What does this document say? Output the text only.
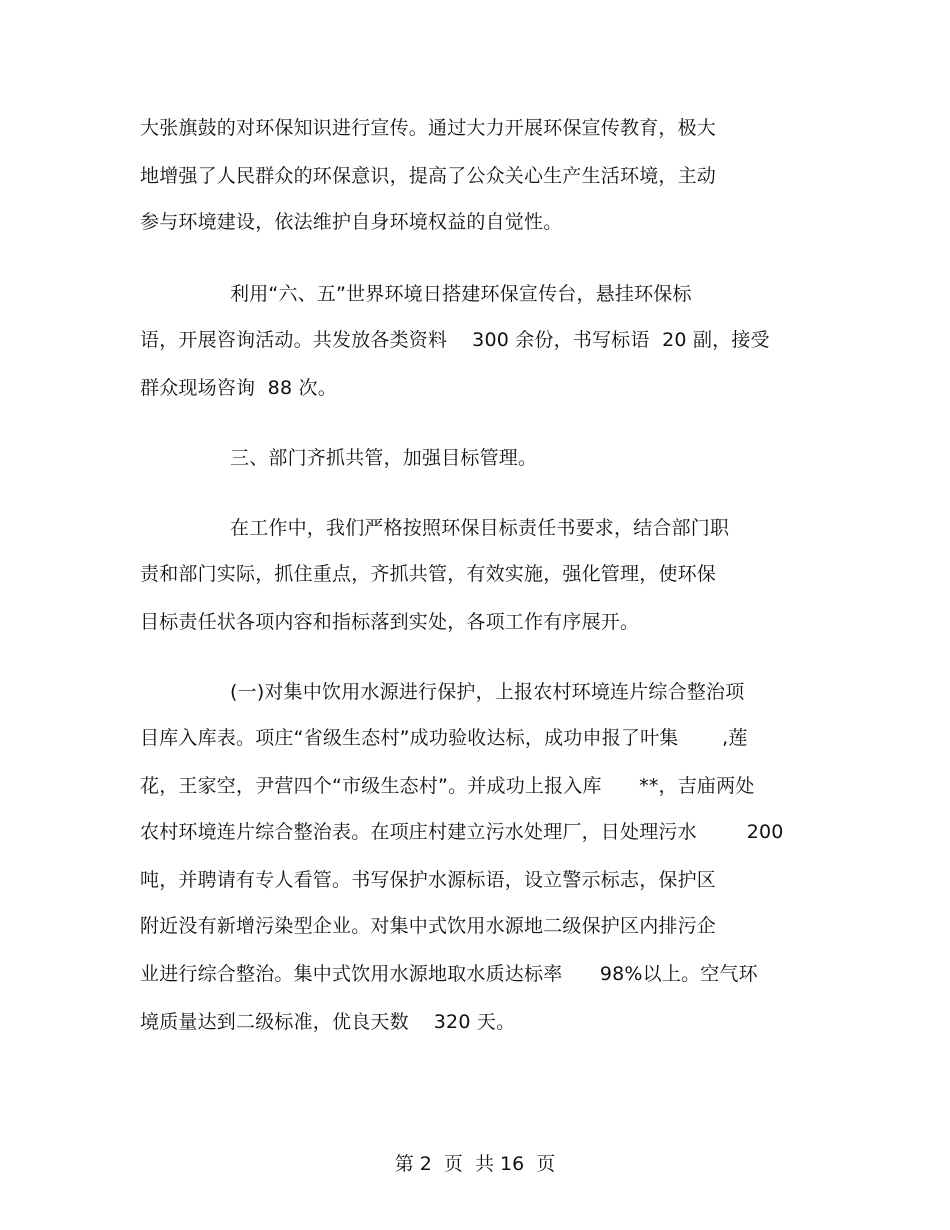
大张旗鼓的对环保知识进行宣传。通过大力开展环保宣传教育，极大
地增强了人民群众的环保意识，提高了公众关心生产生活环境，主动
参与环境建设，依法维护自身环境权益的自觉性。
利用“六、五”世界环境日搭建环保宣传台，悬挂环保标
语，开展咨询活动。共发放各类资料    300 余份，书写标语  20 副，接受
群众现场咨询  88 次。
三、部门齐抓共管，加强目标管理。
在工作中，我们严格按照环保目标责任书要求，结合部门职
责和部门实际，抓住重点，齐抓共管，有效实施，强化管理，使环保
目标责任状各项内容和指标落到实处，各项工作有序展开。
(一)对集中饮用水源进行保护，上报农村环境连片综合整治项
目库入库表。项庄“省级生态村”成功验收达标，成功申报了叶集       ,莲
花，王家空，尹营四个“市级生态村”。并成功上报入库      **，吉庙两处
农村环境连片综合整治表。在项庄村建立污水处理厂，日处理污水        200
吨，并聘请有专人看管。书写保护水源标语，设立警示标志，保护区
附近没有新增污染型企业。对集中式饮用水源地二级保护区内排污企
业进行综合整治。集中式饮用水源地取水质达标率      98%以上。空气环
境质量达到二级标准，优良天数    320 天。
第 2  页  共 16  页
